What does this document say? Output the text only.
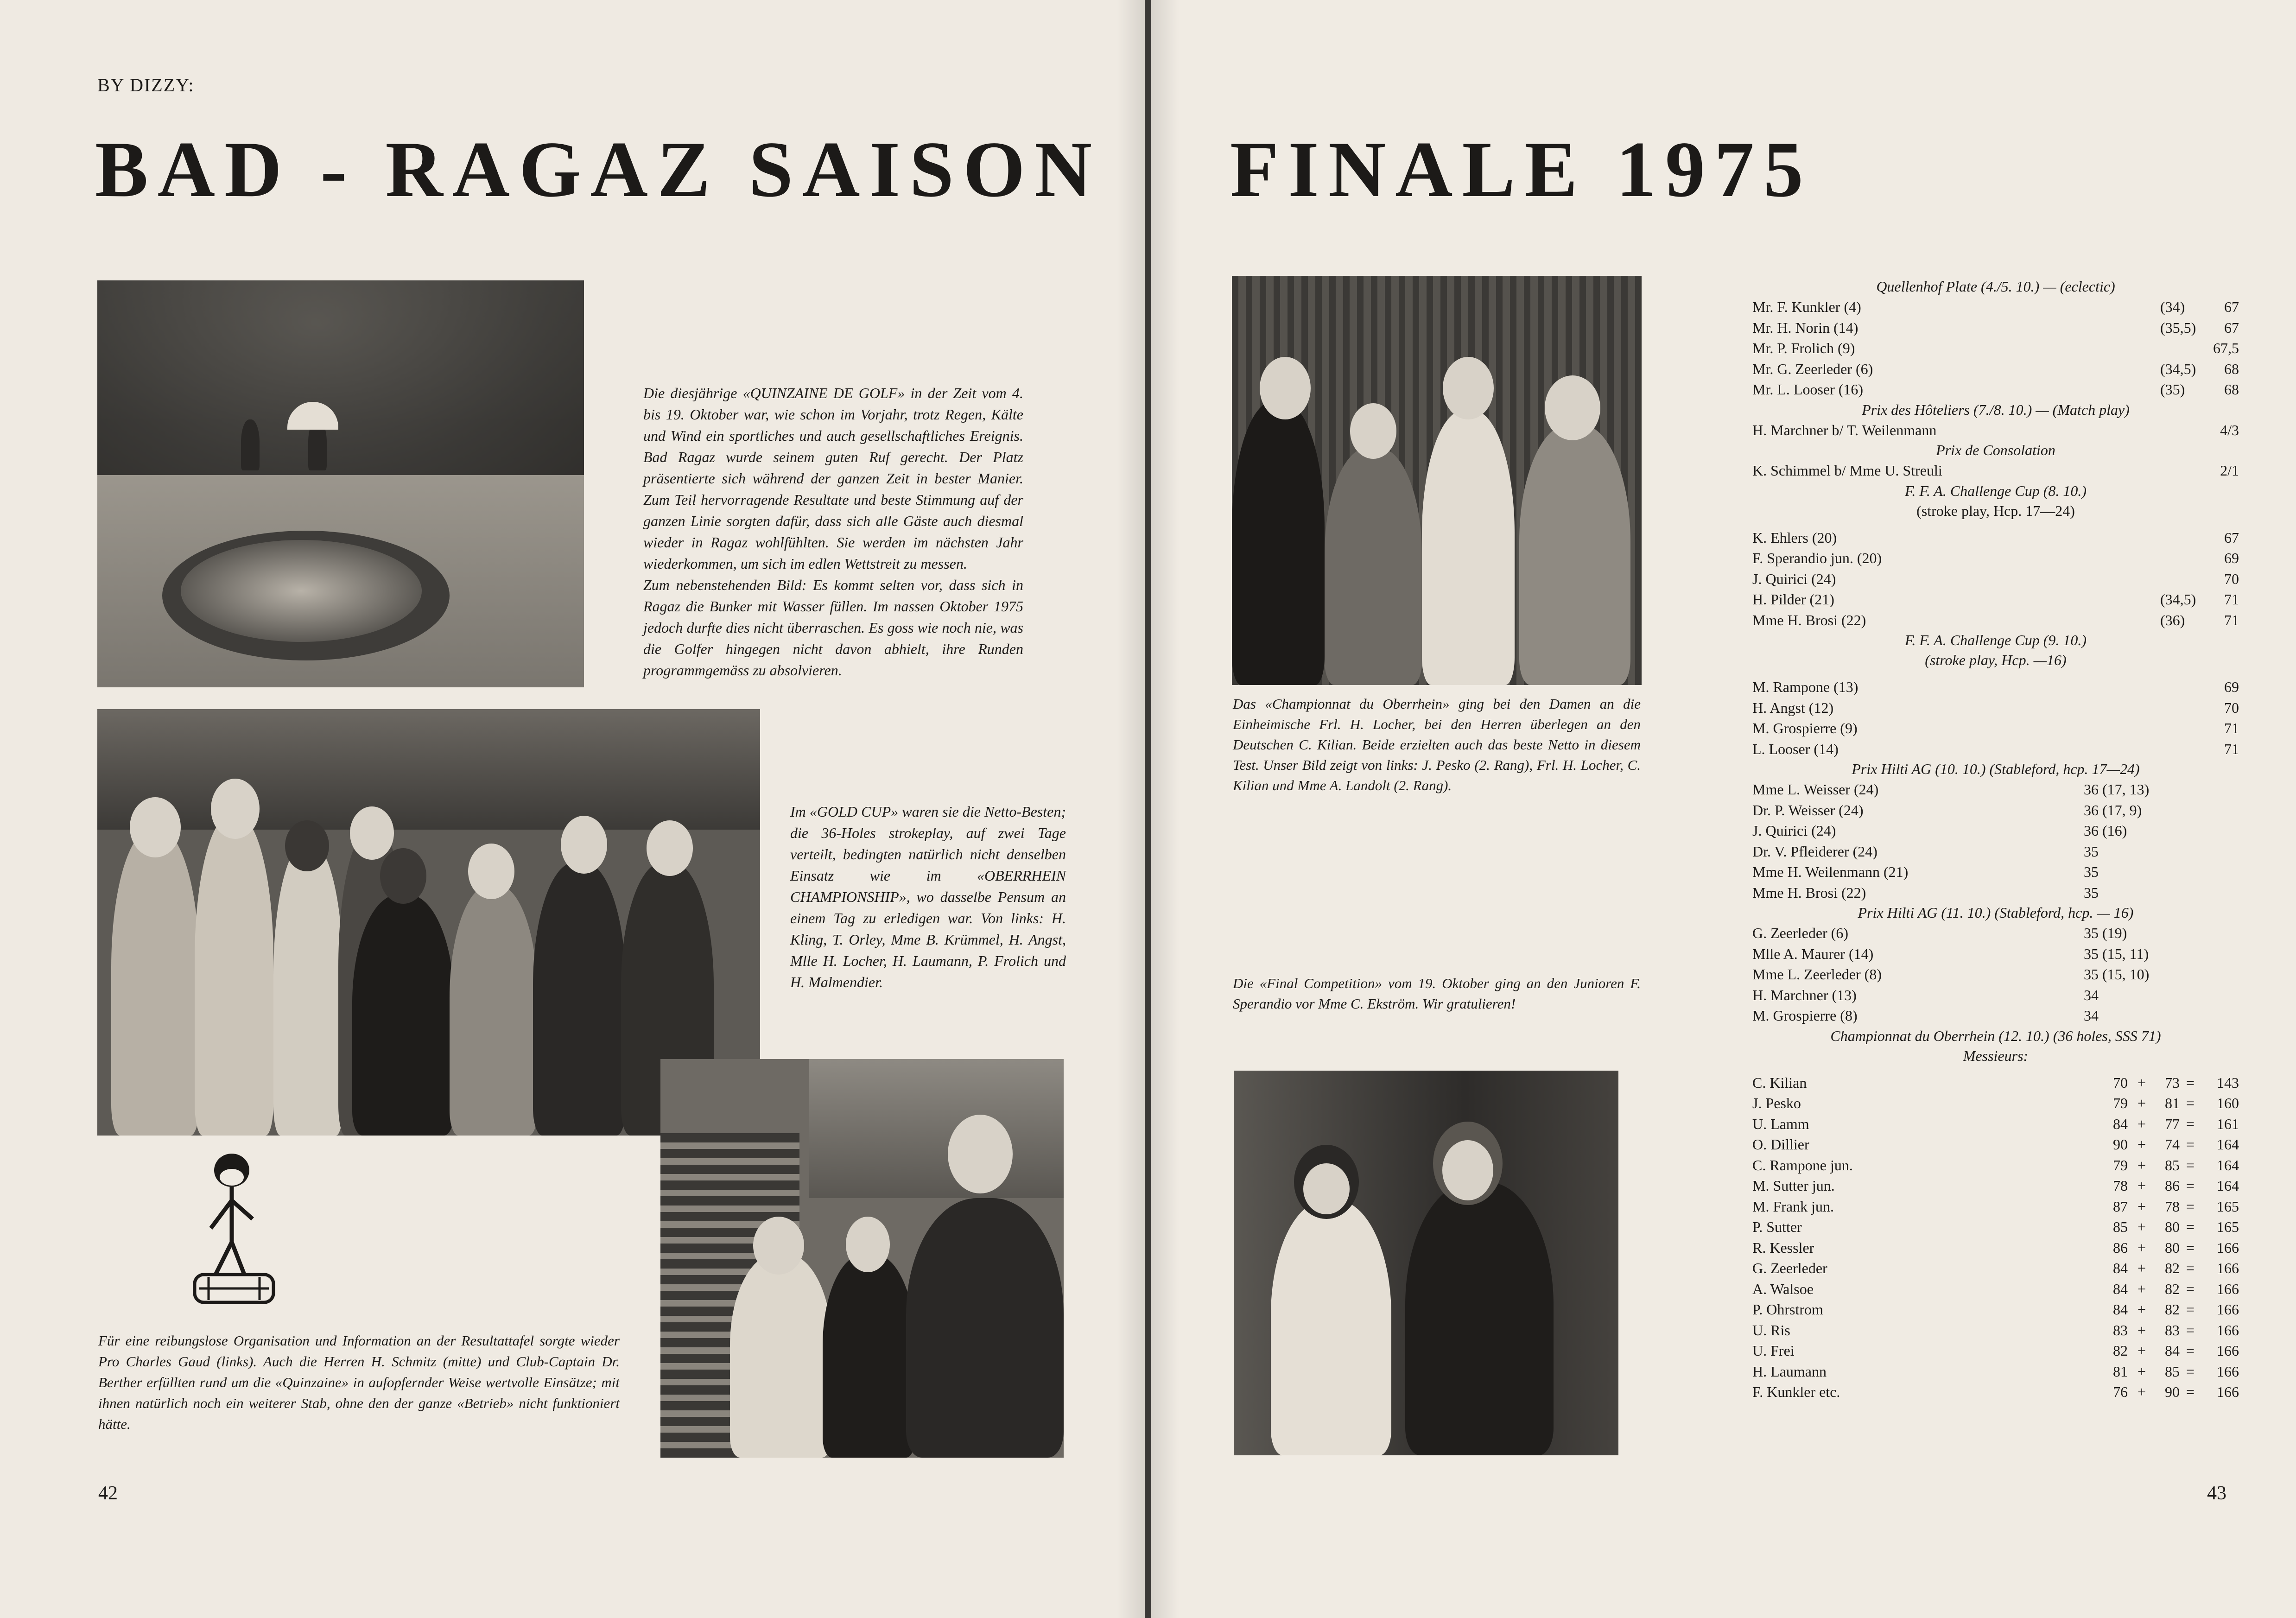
BY DIZZY:
BAD - RAGAZ SAISON

Die diesjährige «QUINZAINE DE GOLF» in der Zeit vom 4. bis 19. Oktober war, wie schon im Vorjahr, trotz Regen, Kälte und Wind ein sportliches und auch gesellschaftliches Ereignis. Bad Ragaz wurde seinem guten Ruf gerecht. Der Platz präsentierte sich während der ganzen Zeit in bester Manier. Zum Teil hervorragende Resultate und beste Stimmung auf der ganzen Linie sorgten dafür, dass sich alle Gäste auch diesmal wieder in Ragaz wohlfühlten. Sie werden im nächsten Jahr wiederkommen, um sich im edlen Wettstreit zu messen.

Zum nebenstehenden Bild: Es kommt selten vor, dass sich in Ragaz die Bunker mit Wasser füllen. Im nassen Oktober 1975 jedoch durfte dies nicht überraschen. Es goss wie noch nie, was die Golfer hingegen nicht davon abhielt, ihre Runden programmgemäss zu absolvieren.

Im «GOLD CUP» waren sie die Netto-Besten; die 36-Holes strokeplay, auf zwei Tage verteilt, bedingten natürlich nicht denselben Einsatz wie im «OBERRHEIN CHAMPIONSHIP», wo dasselbe Pensum an einem Tag zu erledigen war. Von links: H. Kling, T. Orley, Mme B. Krümmel, H. Angst, Mlle H. Locher, H. Laumann, P. Frolich und H. Malmendier.

Für eine reibungslose Organisation und Information an der Resultattafel sorgte wieder Pro Charles Gaud (links). Auch die Herren H. Schmitz (mitte) und Club-Captain Dr. Berther erfüllten rund um die «Quinzaine» in aufopfernder Weise wertvolle Einsätze; mit ihnen natürlich noch ein weiterer Stab, ohne den der ganze «Betrieb» nicht funktioniert hätte.

42
FINALE 1975

Das «Championnat du Oberrhein» ging bei den Damen an die Einheimische Frl. H. Locher, bei den Herren überlegen an den Deutschen C. Kilian. Beide erzielten auch das beste Netto in diesem Test. Unser Bild zeigt von links: J. Pesko (2. Rang), Frl. H. Locher, C. Kilian und Mme A. Landolt (2. Rang).

Die «Final Competition» vom 19. Oktober ging an den Junioren F. Sperandio vor Mme C. Ekström. Wir gratulieren!

Quellenhof Plate (4./5. 10.) — (eclectic)
Mr. F. Kunkler (4)	(34)	67
Mr. H. Norin (14)	(35,5) 67
Mr. P. Frolich (9)	67,5
Mr. G. Zeerleder (6)	(34,5) 68
Mr. L. Looser (16)	(35)	68
Prix des Hôteliers (7./8. 10.) — (Match play)
H. Marchner b/ T. Weilenmann	4/3
Prix de Consolation
K. Schimmel b/ Mme U. Streuli	2/1
F. F. A. Challenge Cup (8. 10.)
(stroke play, Hcp. 17—24)
K. Ehlers (20)	67
F. Sperandio jun. (20)	69
J. Quirici (24)	70
H. Pilder (21)	(34,5) 71
Mme H. Brosi (22)	(36)	71
F. F. A. Challenge Cup (9. 10.)
(stroke play, Hcp. —16)
M. Rampone (13)	69
H. Angst (12)	70
M. Grospierre (9)	71
L. Looser (14)	71
Prix Hilti AG (10. 10.) (Stableford, hcp. 17—24)
Mme L. Weisser (24)	36 (17, 13)
Dr. P. Weisser (24)	36 (17, 9)
J. Quirici (24)	36 (16)
Dr. V. Pfleiderer (24)	35
Mme H. Weilenmann (21)	35
Mme H. Brosi (22)	35
Prix Hilti AG (11. 10.) (Stableford, hcp. — 16)
G. Zeerleder (6)	35 (19)
Mlle A. Maurer (14)	35 (15, 11)
Mme L. Zeerleder (8)	35 (15, 10)
H. Marchner (13)	34
M. Grospierre (8)	34
Championnat du Oberrhein (12. 10.) (36 holes, SSS 71)
Messieurs:
C. Kilian	70 +	73 =	143
J. Pesko	79 +	81 =	160
U. Lamm	84 +	77 =	161
O. Dillier	90 +	74 =	164
C. Rampone jun.	79 +	85 =	164
M. Sutter jun.	78 +	86 =	164
M. Frank jun.	87 +	78 =	165
P. Sutter	85 +	80 =	165
R. Kessler	86 +	80 =	166
G. Zeerleder	84 +	82 =	166
A. Walsoe	84 +	82 =	166
P. Ohrstrom	84 +	82 =	166
U. Ris	83 +	83 =	166
U. Frei	82 +	84 =	166
H. Laumann	81 +	85 =	166
F. Kunkler etc.	76 +	90 =	166
43
